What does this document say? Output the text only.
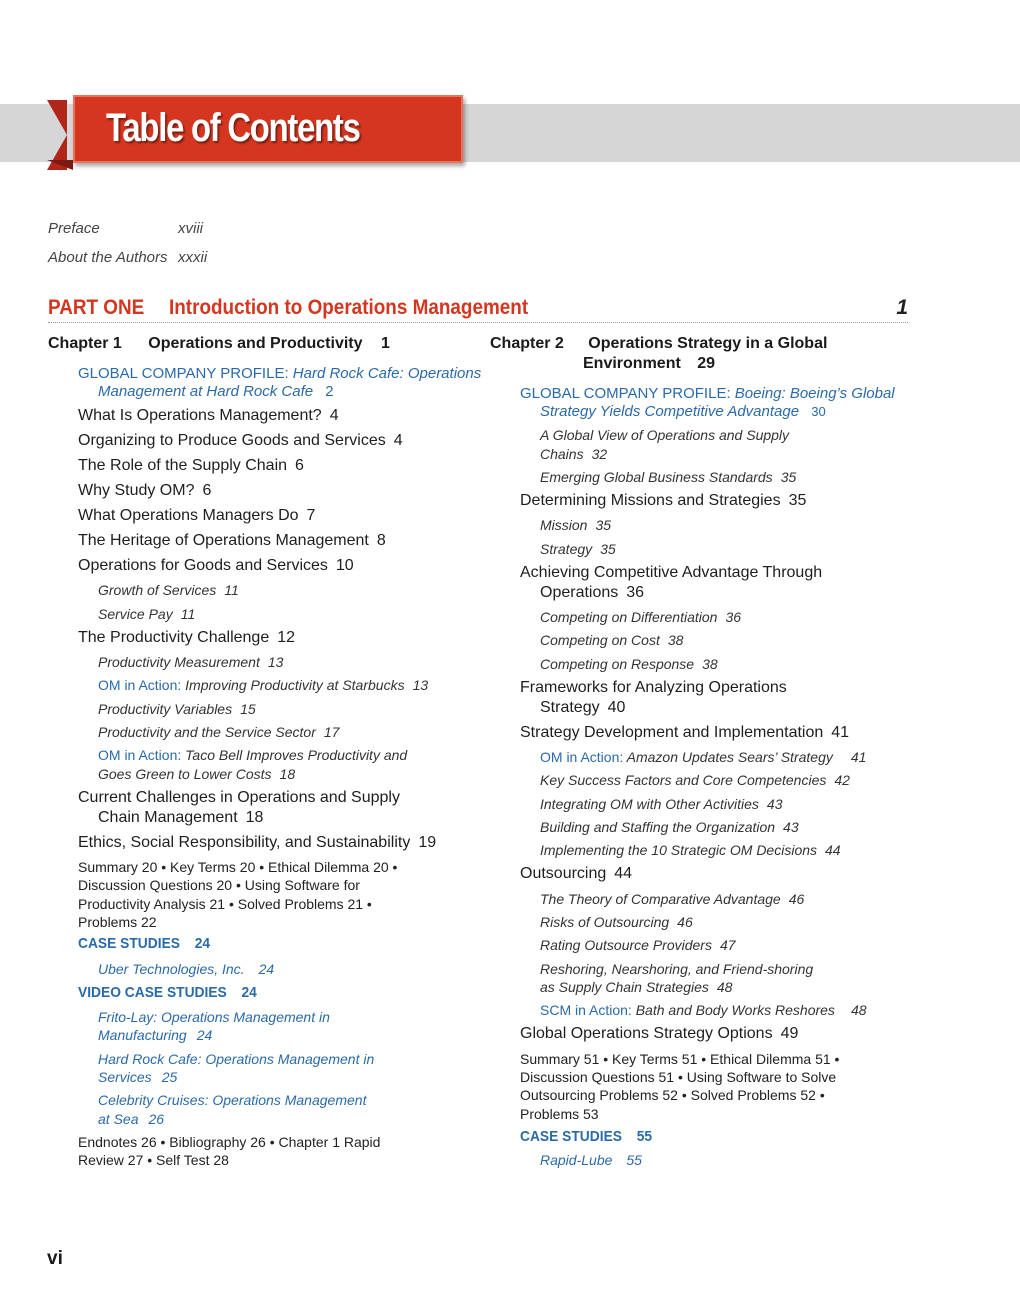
Table of Contents
Preface	xviii
About the Authors xxxii
PART ONE Introduction to Operations Management	1
Chapter 1 Operations and Productivity 1
GLOBAL COMPANY PROFILE: Hard Rock Cafe: Operations
Management at Hard Rock Cafe 2
What Is Operations Management? 4
Organizing to Produce Goods and Services 4
The Role of the Supply Chain 6
Why Study OM? 6
What Operations Managers Do 7
The Heritage of Operations Management 8
Operations for Goods and Services 10
Growth of Services 11
Service Pay 11
The Productivity Challenge 12
Productivity Measurement 13
OM in Action: Improving Productivity at Starbucks 13
Productivity Variables 15
Productivity and the Service Sector 17
OM in Action: Taco Bell Improves Productivity and
Goes Green to Lower Costs 18
Current Challenges in Operations and Supply
Chain Management 18
Ethics, Social Responsibility, and Sustainability 19
Summary 20 • Key Terms 20 • Ethical Dilemma 20 •
Discussion Questions 20 • Using Software for
Productivity Analysis 21 • Solved Problems 21 •
Problems 22
CASE STUDIES 24
Uber Technologies, Inc. 24
VIDEO CASE STUDIES 24
Frito-Lay: Operations Management in
Manufacturing 24
Hard Rock Cafe: Operations Management in
Services 25
Celebrity Cruises: Operations Management
at Sea 26
Endnotes 26 • Bibliography 26 • Chapter 1 Rapid
Review 27 • Self Test 28
Chapter 2 Operations Strategy in a Global
Environment 29
GLOBAL COMPANY PROFILE: Boeing: Boeing’s Global
Strategy Yields Competitive Advantage 30
A Global View of Operations and Supply
Chains 32
Emerging Global Business Standards 35
Determining Missions and Strategies 35
Mission 35
Strategy 35
Achieving Competitive Advantage Through
Operations 36
Competing on Differentiation 36
Competing on Cost 38
Competing on Response 38
Frameworks for Analyzing Operations
Strategy 40
Strategy Development and Implementation 41
OM in Action: Amazon Updates Sears’ Strategy 41
Key Success Factors and Core Competencies 42
Integrating OM with Other Activities 43
Building and Staffing the Organization 43
Implementing the 10 Strategic OM Decisions 44
Outsourcing 44
The Theory of Comparative Advantage 46
Risks of Outsourcing 46
Rating Outsource Providers 47
Reshoring, Nearshoring, and Friend-shoring
as Supply Chain Strategies 48
SCM in Action: Bath and Body Works Reshores 48
Global Operations Strategy Options 49
Summary 51 • Key Terms 51 • Ethical Dilemma 51 •
Discussion Questions 51 • Using Software to Solve
Outsourcing Problems 52 • Solved Problems 52 •
Problems 53
CASE STUDIES 55
Rapid-Lube 55
vi
